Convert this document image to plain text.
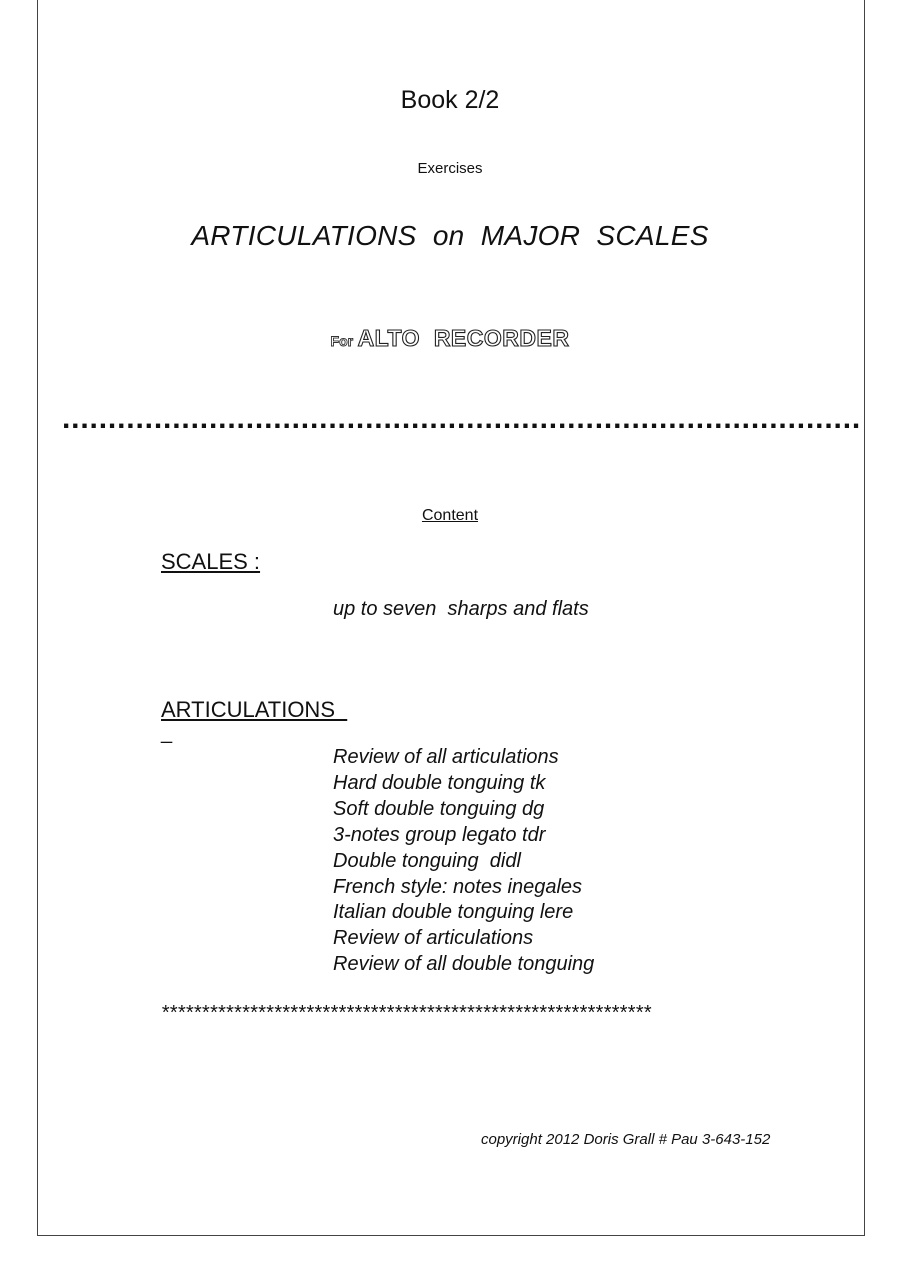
Book 2/2
Exercises
ARTICULATIONS  on  MAJOR  SCALES
For ALTO  RECORDER
.......................................................................................
Content
SCALES :
up to seven  sharps and flats
ARTICULATIONS
_
Review of all articulations
Hard double tonguing tk
Soft double tonguing dg
3-notes group legato tdr
Double tonguing  didl
French style: notes inegales
Italian double tonguing lere
Review of articulations
Review of all double tonguing
*************************************************************
copyright 2012 Doris Grall # Pau 3-643-152
